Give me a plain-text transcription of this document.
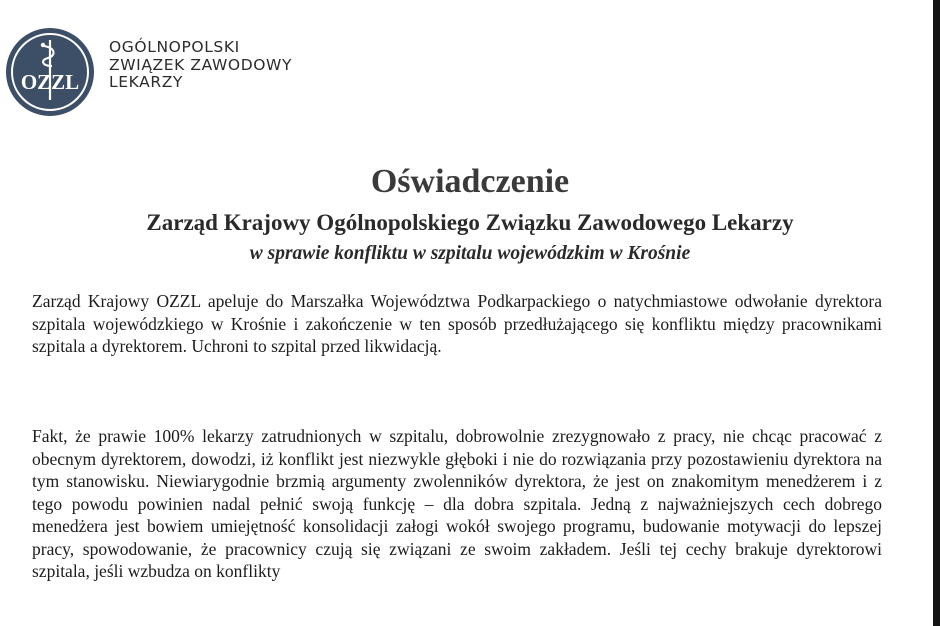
OZZL
OGÓLNOPOLSKI
ZWIĄZEK ZAWODOWY
LEKARZY
Oświadczenie
Zarząd Krajowy Ogólnopolskiego Związku Zawodowego Lekarzy
w sprawie konfliktu w szpitalu wojewódzkim w Krośnie

Zarząd Krajowy OZZL apeluje do Marszałka Województwa Podkarpackiego o natychmiastowe odwołanie dyrektora szpitala wojewódzkiego w Krośnie i zakończenie w ten sposób przedłużającego się konfliktu między pracownikami szpitala a dyrektorem. Uchroni to szpital przed likwidacją.

Fakt, że prawie 100% lekarzy zatrudnionych w szpitalu, dobrowolnie zrezygnowało z pracy, nie chcąc pracować z obecnym dyrektorem, dowodzi, iż konflikt jest niezwykle głęboki i nie do rozwiązania przy pozostawieniu dyrektora na tym stanowisku. Niewiarygodnie brzmią argumenty zwolenników dyrektora, że jest on znakomitym menedżerem i z tego powodu powinien nadal pełnić swoją funkcję – dla dobra szpitala. Jedną z najważniejszych cech dobrego menedżera jest bowiem umiejętność konsolidacji załogi wokół swojego programu, budowanie motywacji do lepszej pracy, spowodowanie, że pracownicy czują się związani ze swoim zakładem. Jeśli tej cechy brakuje dyrektorowi szpitala, jeśli wzbudza on konflikty
